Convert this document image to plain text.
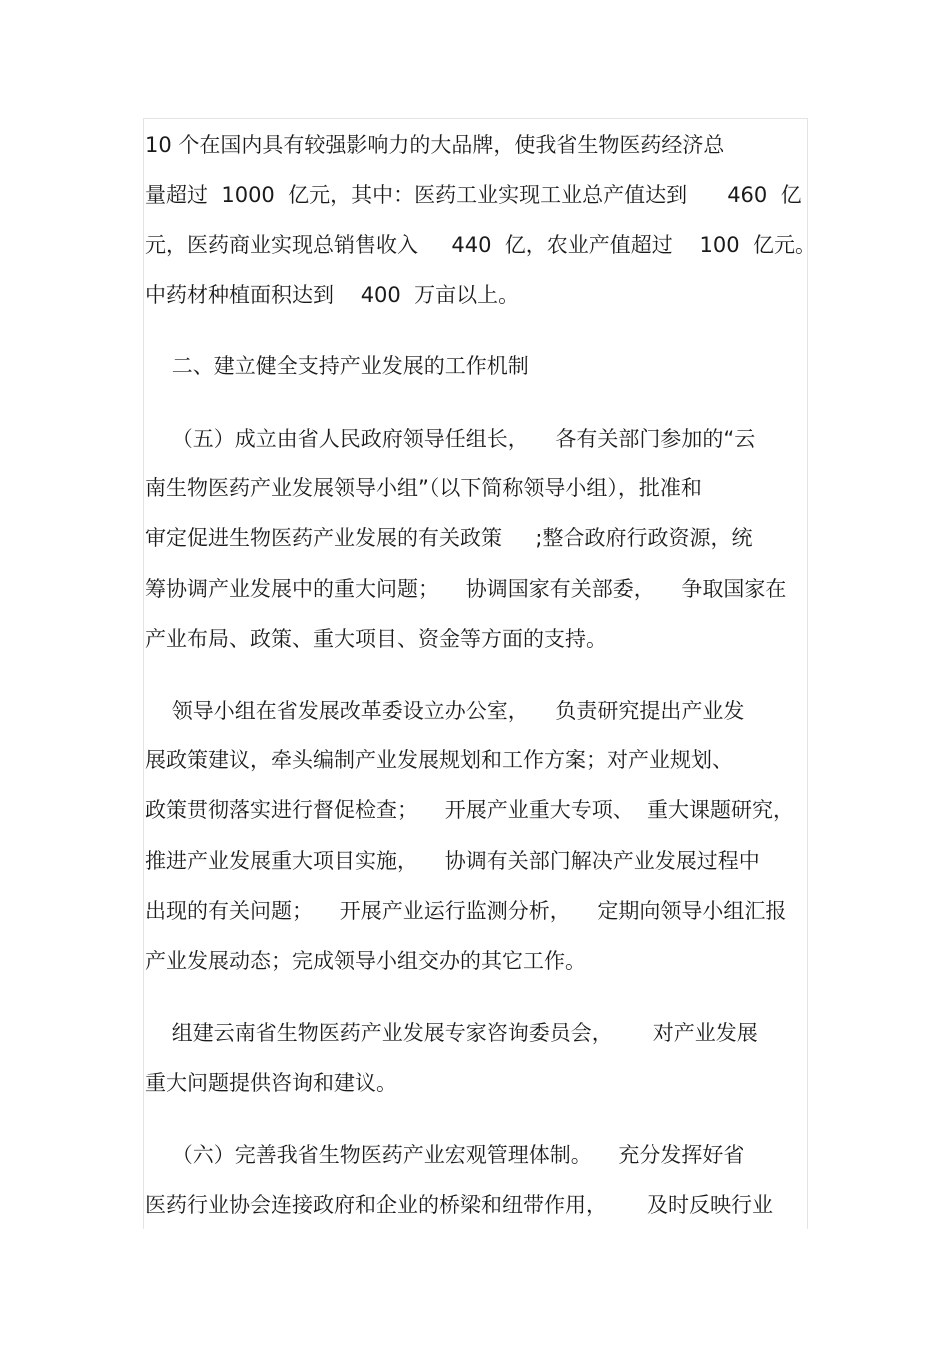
10 个在国内具有较强影响力的大品牌，使我省生物医药经济总
量超过  1000  亿元，其中：医药工业实现工业总产值达到      460  亿
元，医药商业实现总销售收入     440  亿，农业产值超过    100  亿元。
中药材种植面积达到    400  万亩以上。
二、建立健全支持产业发展的工作机制
（五）成立由省人民政府领导任组长，    各有关部门参加的“云
南生物医药产业发展领导小组”（以下简称领导小组），批准和
审定促进生物医药产业发展的有关政策     ;整合政府行政资源，统
筹协调产业发展中的重大问题；    协调国家有关部委，    争取国家在
产业布局、政策、重大项目、资金等方面的支持。
领导小组在省发展改革委设立办公室，    负责研究提出产业发
展政策建议，牵头编制产业发展规划和工作方案；对产业规划、
政策贯彻落实进行督促检查；    开展产业重大专项、  重大课题研究，
推进产业发展重大项目实施，    协调有关部门解决产业发展过程中
出现的有关问题；    开展产业运行监测分析，    定期向领导小组汇报
产业发展动态；完成领导小组交办的其它工作。
组建云南省生物医药产业发展专家咨询委员会，      对产业发展
重大问题提供咨询和建议。
（六）完善我省生物医药产业宏观管理体制。    充分发挥好省
医药行业协会连接政府和企业的桥梁和纽带作用，      及时反映行业
